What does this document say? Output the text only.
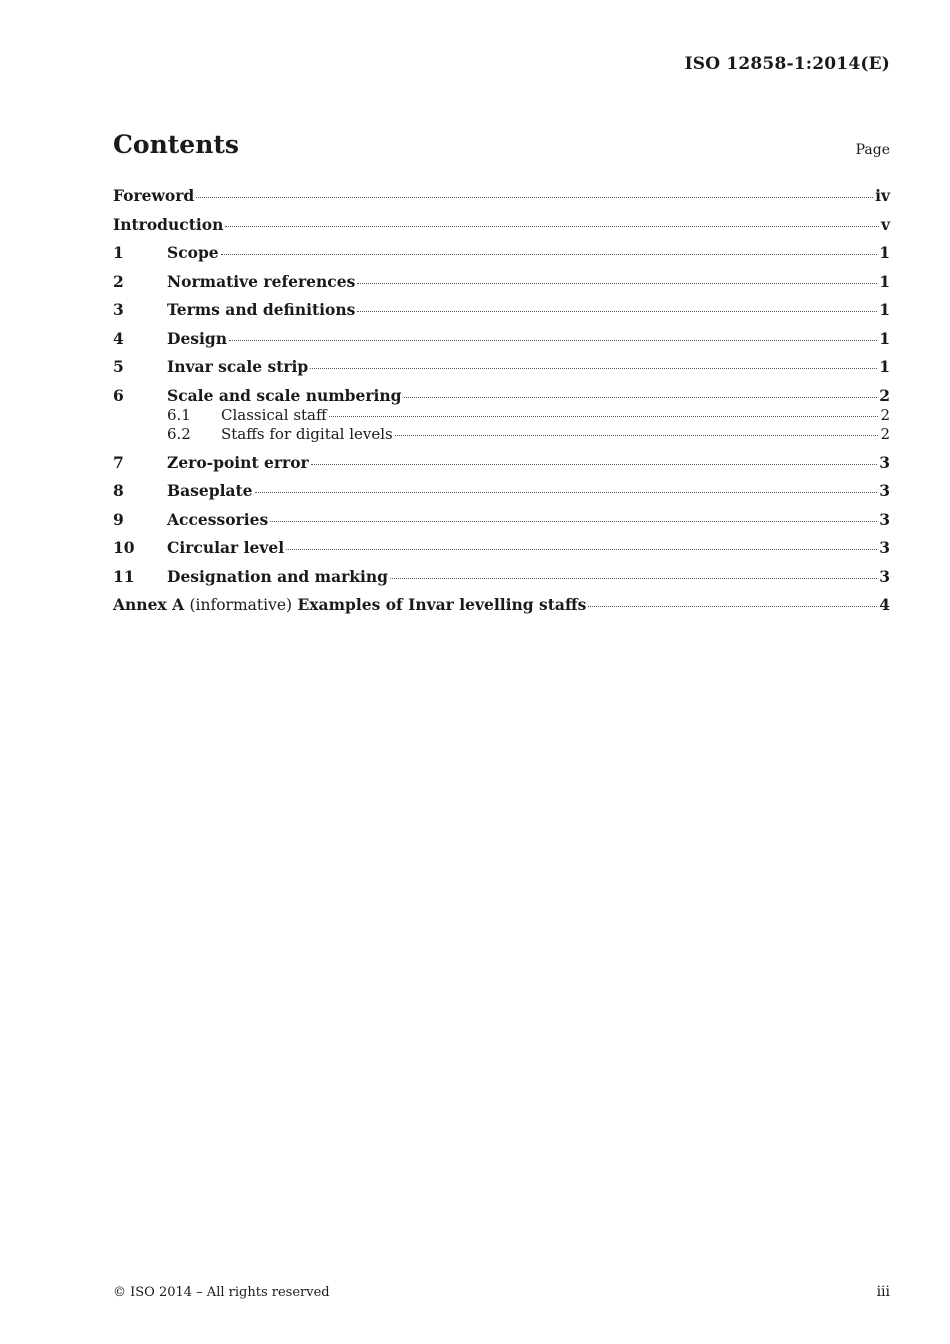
ISO 12858-1:2014(E)
Contents	Page
Foreword	iv
Introduction	v
1	Scope	1
2	Normative references	1
3	Terms and definitions	1
4	Design	1
5	Invar scale strip	1
6	Scale and scale numbering	2
6.1	Classical staff	2
6.2	Staffs for digital levels	2
7	Zero-point error	3
8	Baseplate	3
9	Accessories	3
10	Circular level	3
11	Designation and marking	3
Annex A (informative) Examples of Invar levelling staffs	4
© ISO 2014 – All rights reserved	iii
